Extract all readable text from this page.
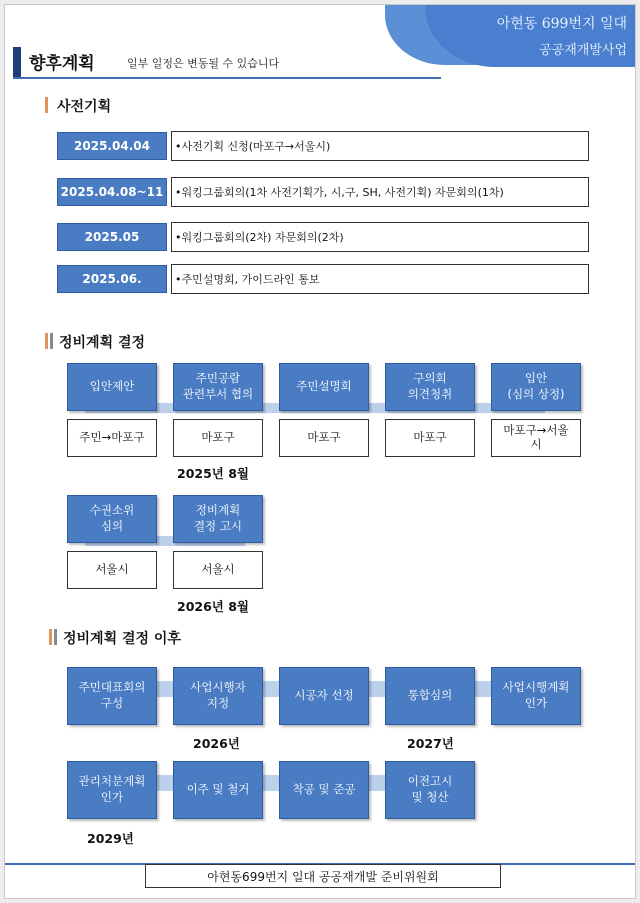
아현동 699번지 일대
공공재개발사업
향후계획	일부 일정은 변동될 수 있습니다
사전기획
2025.04.04	•사전기획 신청(마포구→서울시)
2025.04.08~11	•워킹그룹회의(1차 사전기획가, 시,구, SH, 사전기획) 자문회의(1차)
2025.05	•워킹그룹회의(2차) 자문회의(2차)
2025.06.	•주민설명회, 가이드라인 통보
정비계획 결정
입안제안
주민→마포구
주민공람
관련부서 협의
마포구
주민설명회
마포구
구의회
의견청취
마포구
입안
(심의 상정)
마포구→서울
시
2025년 8월
수권소위
심의
서울시
정비계획
결정 고시
서울시
2026년 8월
정비계획 결정 이후
주민대표회의
구성
사업시행자
지정
시공자 선정	통합심의
사업시행계획
인가
2026년	2027년
관리처분계획
인가
이주 및 철거	착공 및 준공
이전고시
및 청산
2029년
아현동699번지 일대 공공재개발 준비위원회
